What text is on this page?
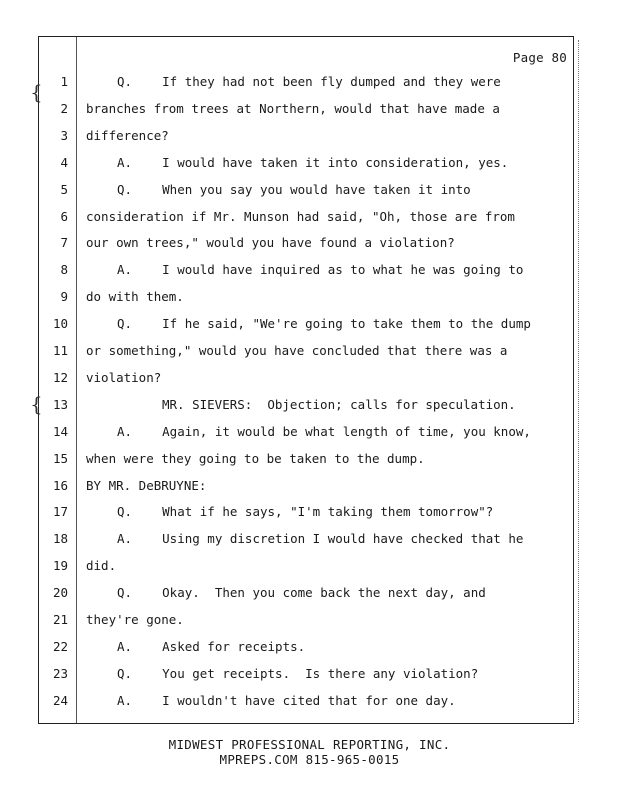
{
{
Page 80
1	Q.    If they had not been fly dumped and they were
2 branches from trees at Northern, would that have made a
3 difference?
4	A.    I would have taken it into consideration, yes.
5	Q.    When you say you would have taken it into
6 consideration if Mr. Munson had said, "Oh, those are from
7 our own trees," would you have found a violation?
8	A.    I would have inquired as to what he was going to
9 do with them.
10	Q.    If he said, "We're going to take them to the dump
11 or something," would you have concluded that there was a
12 violation?
13	MR. SIEVERS:  Objection; calls for speculation.
14	A.    Again, it would be what length of time, you know,
15 when were they going to be taken to the dump.
16 BY MR. DeBRUYNE:
17	Q.    What if he says, "I'm taking them tomorrow"?
18	A.    Using my discretion I would have checked that he
19 did.
20	Q.    Okay.  Then you come back the next day, and
21 they're gone.
22	A.    Asked for receipts.
23	Q.    You get receipts.  Is there any violation?
24	A.    I wouldn't have cited that for one day.
MIDWEST PROFESSIONAL REPORTING, INC.
MPREPS.COM 815-965-0015
